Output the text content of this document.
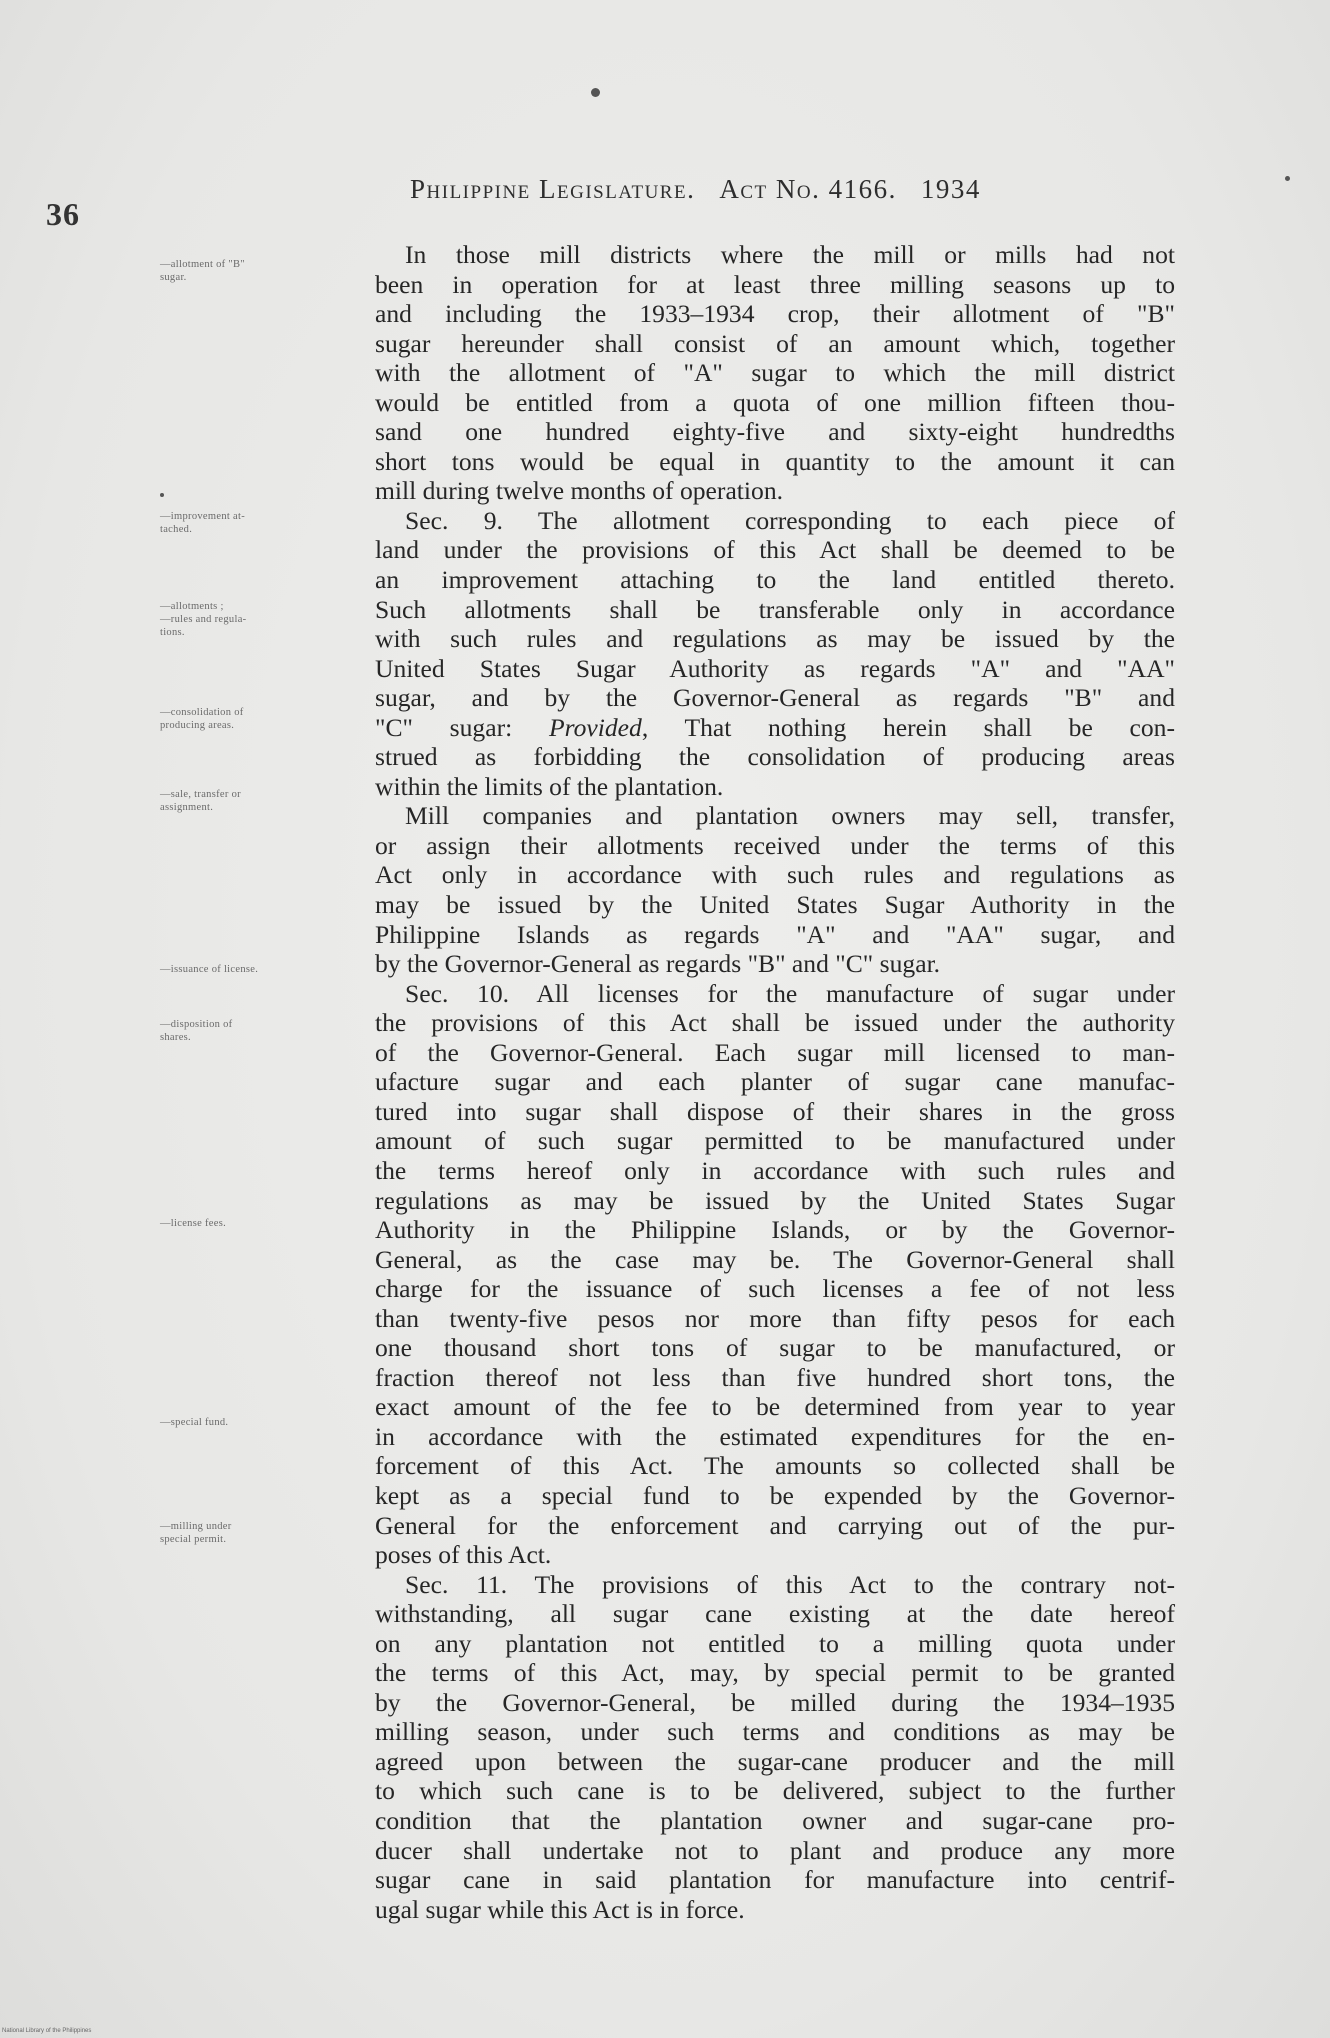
36
Philippine Legislature. Act No. 4166. 1934
—allotment of "B"
sugar.
—improvement at-
tached.
—allotments ;
—rules and regula-
tions.
—consolidation of
producing areas.
—sale, transfer or
assignment.
—issuance of license.
—disposition of
shares.
—license fees.
—special fund.
—milling under
special permit.
In those mill districts where the mill or mills had not
been in operation for at least three milling seasons up to
and including the 1933–1934 crop, their allotment of "B"
sugar hereunder shall consist of an amount which, together
with the allotment of "A" sugar to which the mill district
would be entitled from a quota of one million fifteen thou-
sand one hundred eighty-five and sixty-eight hundredths
short tons would be equal in quantity to the amount it can
mill during twelve months of operation.
Sec. 9. The allotment corresponding to each piece of
land under the provisions of this Act shall be deemed to be
an improvement attaching to the land entitled thereto.
Such allotments shall be transferable only in accordance
with such rules and regulations as may be issued by the
United States Sugar Authority as regards "A" and "AA"
sugar, and by the Governor-General as regards "B" and
"C" sugar: Provided, That nothing herein shall be con-
strued as forbidding the consolidation of producing areas
within the limits of the plantation.
Mill companies and plantation owners may sell, transfer,
or assign their allotments received under the terms of this
Act only in accordance with such rules and regulations as
may be issued by the United States Sugar Authority in the
Philippine Islands as regards "A" and "AA" sugar, and
by the Governor-General as regards "B" and "C" sugar.
Sec. 10. All licenses for the manufacture of sugar under
the provisions of this Act shall be issued under the authority
of the Governor-General. Each sugar mill licensed to man-
ufacture sugar and each planter of sugar cane manufac-
tured into sugar shall dispose of their shares in the gross
amount of such sugar permitted to be manufactured under
the terms hereof only in accordance with such rules and
regulations as may be issued by the United States Sugar
Authority in the Philippine Islands, or by the Governor-
General, as the case may be. The Governor-General shall
charge for the issuance of such licenses a fee of not less
than twenty-five pesos nor more than fifty pesos for each
one thousand short tons of sugar to be manufactured, or
fraction thereof not less than five hundred short tons, the
exact amount of the fee to be determined from year to year
in accordance with the estimated expenditures for the en-
forcement of this Act. The amounts so collected shall be
kept as a special fund to be expended by the Governor-
General for the enforcement and carrying out of the pur-
poses of this Act.
Sec. 11. The provisions of this Act to the contrary not-
withstanding, all sugar cane existing at the date hereof
on any plantation not entitled to a milling quota under
the terms of this Act, may, by special permit to be granted
by the Governor-General, be milled during the 1934–1935
milling season, under such terms and conditions as may be
agreed upon between the sugar-cane producer and the mill
to which such cane is to be delivered, subject to the further
condition that the plantation owner and sugar-cane pro-
ducer shall undertake not to plant and produce any more
sugar cane in said plantation for manufacture into centrif-
ugal sugar while this Act is in force.
National Library of the Philippines
